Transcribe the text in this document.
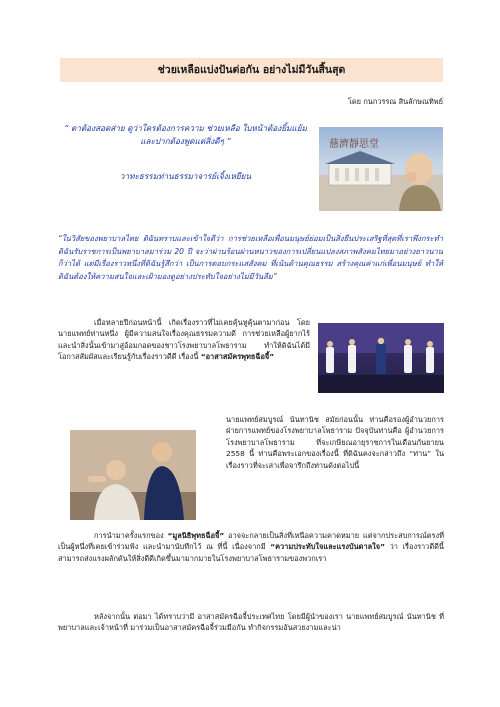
ช่วยเหลือแบ่งปันต่อกัน อย่างไม่มีวันสิ้นสุด
โดย กนกวรรณ สินลักษณทิพย์
“ ตาต้องสอดส่าย ดูว่าใครต้องการความ ช่วยเหลือ ใบหน้าต้องยิ้มแย้ม และปากต้องพูดแต่สิ่งดีๆ ”
วาทะธรรมท่านธรรมาจารย์เจิ้งเหยียน
慈濟靜思堂
“ในวิสัยของพยาบาลไทย ดิฉันทราบและเข้าใจดีว่า การช่วยเหลือเพื่อนมนุษย์ย่อมเป็นสิ่งยืนประเสริฐที่สุดที่เราพึงกระทำ ดิฉันรับราชการเป็นพยาบาลมาร่วม 20 ปี จะว่าผ่านร้อนผ่านหนาวของการเปลี่ยนแปลงสภาพสังคมไทยมาอย่างยาวนานก็ว่าได้ แต่มีเรื่องราวหนึ่งที่ดิฉันรู้สึกว่า เป็นการตอบกระแสสังคม ที่เน้นด้านคุณธรรม สร้างคุณค่าแก่เพื่อนมนุษย์ ทำให้ดิฉันต้องให้ความสนใจและเฝ้ามองดูอย่างประทับใจอย่างไม่มีวันลืม”
เมื่อหลายปีก่อนหน้านี้ เกิดเรื่องราวที่ไม่เคยคุ้นหูคุ้นตามาก่อน โดยนายแพทย์ท่านหนึ่ง ผู้มีความสนใจเรื่องคุณธรรมความดี การช่วยเหลือผู้ยากไร้ และนำสิ่งนั้นเข้ามาสู่อ้อมกอดของชาวโรงพยาบาลโพธาราม ทำให้ดิฉันได้มีโอกาสสัมผัสและเรียนรู้กับเรื่องราวดีดี เรื่องนี้ “อาสาสมัครพุทธฉือจี้”
นายแพทย์สมบูรณ์ นันทานิช สมัยก่อนนั้น ท่านคือรองผู้อำนวยการฝ่ายการแพทย์ของโรงพยาบาลโพธาราม ปัจจุบันท่านคือ ผู้อำนวยการโรงพยาบาลโพธาราม ที่จะเกษียณอายุราชการในเดือนกันยายน 2558 นี้ ท่านคือพระเอกของเรื่องนี้ ที่ดิฉันคงจะกล่าวถึง “ท่าน” ในเรื่องราวที่จะเล่าเพื่อจารึกถึงท่านดังต่อไปนี้
การนำมาครั้งแรกของ “มูลนิธิพุทธฉือจี้” อาจจะกลายเป็นสิ่งที่เหนือความคาดหมาย แต่จากประสบการณ์ตรงที่เป็นผู้หนึ่งที่เคยเข้าร่วมฟัง และนำมานับทึกไว้ ณ ที่นี้ เนื่องจากมี “ความประทับใจและแรงบันดาลใจ” ว่า เรื่องราวดีดีนี้ สามารถส่งแรงผลักดันให้สิ่งดีดีเกิดขึ้นมามากมายในโรงพยาบาลโพธารามของพวกเรา
หลังจากนั้น ต่อมา ได้ทราบว่ามี อาสาสมัครฉือจี้ประเทศไทย โดยมีผู้นำของเรา นายแพทย์สมบูรณ์ นันทานิช ที่พยาบาลและเจ้าหน้าที่ มาร่วมเป็นอาสาสมัครฉือจี้ร่วมมือกัน ทำกิจกรรมอันสวยงามและน่า
